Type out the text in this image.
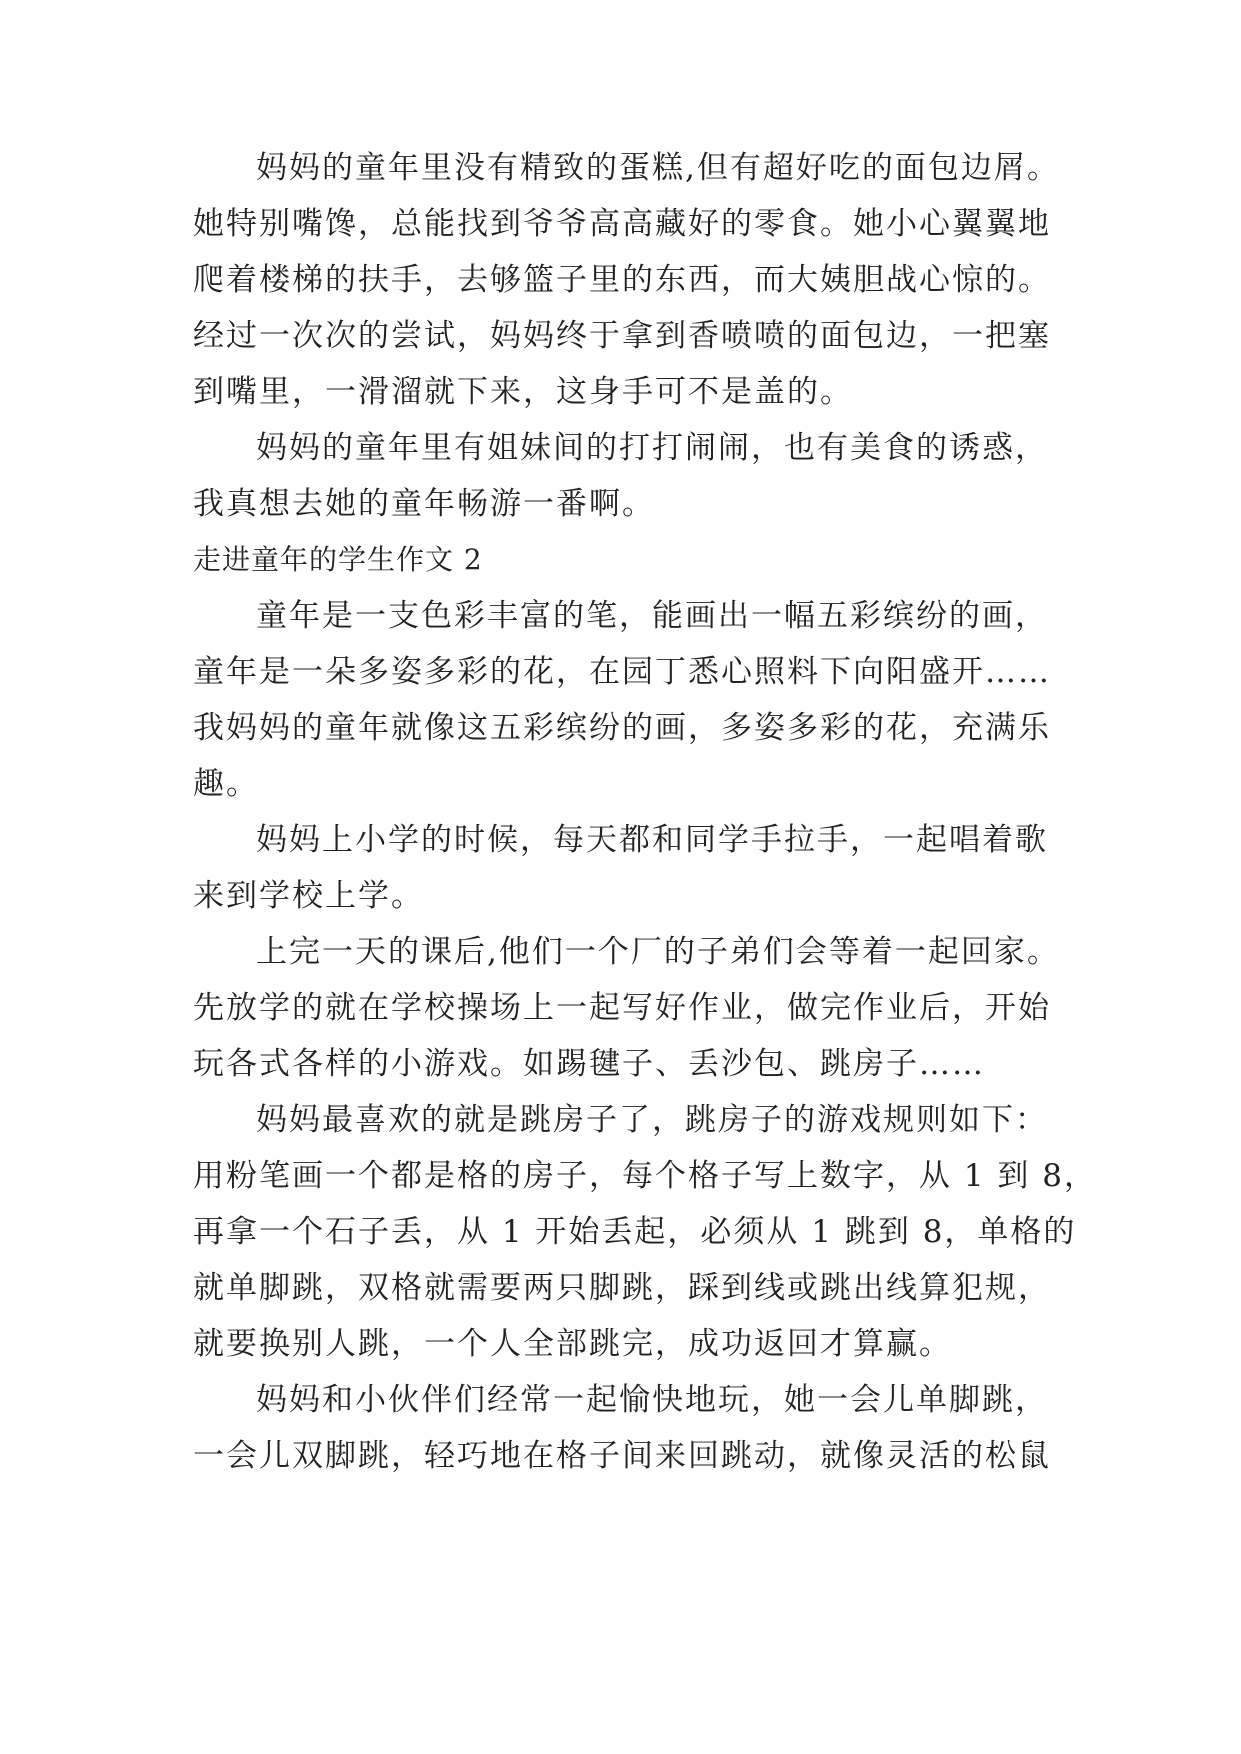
妈妈的童年里没有精致的蛋糕,但有超好吃的面包边屑。
她特别嘴馋，总能找到爷爷高高藏好的零食。她小心翼翼地
爬着楼梯的扶手，去够篮子里的东西，而大姨胆战心惊的。
经过一次次的尝试，妈妈终于拿到香喷喷的面包边，一把塞
到嘴里，一滑溜就下来，这身手可不是盖的。
妈妈的童年里有姐妹间的打打闹闹，也有美食的诱惑，
我真想去她的童年畅游一番啊。
走进童年的学生作文 2
童年是一支色彩丰富的笔，能画出一幅五彩缤纷的画，
童年是一朵多姿多彩的花，在园丁悉心照料下向阳盛开……
我妈妈的童年就像这五彩缤纷的画，多姿多彩的花，充满乐
趣。
妈妈上小学的时候，每天都和同学手拉手，一起唱着歌
来到学校上学。
上完一天的课后,他们一个厂的子弟们会等着一起回家。
先放学的就在学校操场上一起写好作业，做完作业后，开始
玩各式各样的小游戏。如踢毽子、丢沙包、跳房子……
妈妈最喜欢的就是跳房子了，跳房子的游戏规则如下：
用粉笔画一个都是格的房子，每个格子写上数字，从 1 到 8，
再拿一个石子丢，从 1 开始丢起，必须从 1 跳到 8，单格的
就单脚跳，双格就需要两只脚跳，踩到线或跳出线算犯规，
就要换别人跳，一个人全部跳完，成功返回才算赢。
妈妈和小伙伴们经常一起愉快地玩，她一会儿单脚跳，
一会儿双脚跳，轻巧地在格子间来回跳动，就像灵活的松鼠
